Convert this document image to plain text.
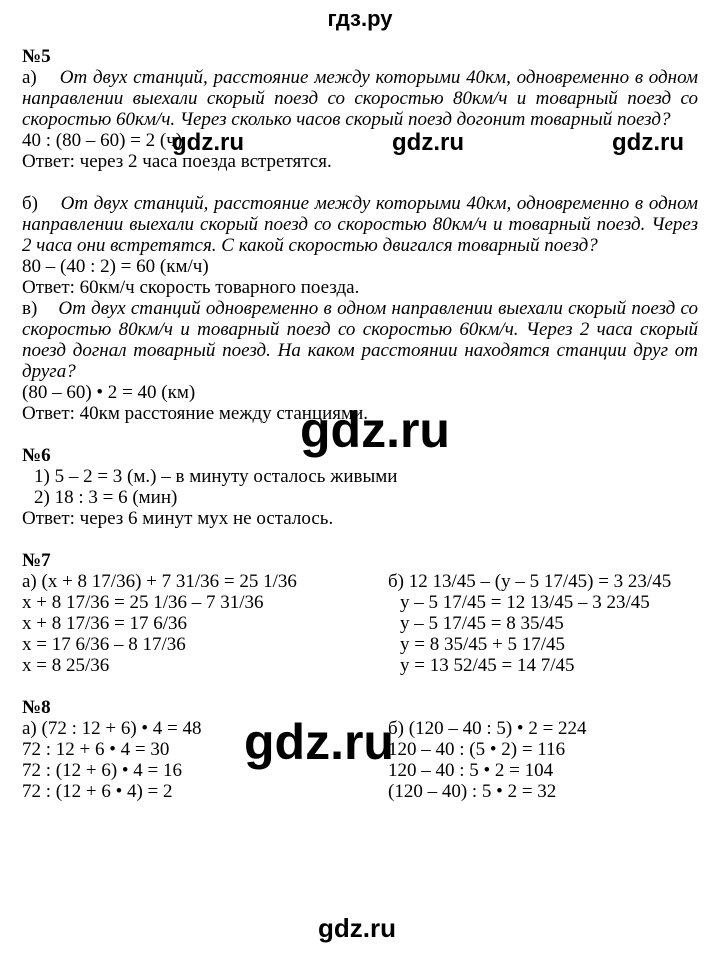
гдз.ру

№5

а) От двух станций, расстояние между которыми 40км, одновременно в одном направлении выехали скорый поезд со скоростью 80км/ч и товарный поезд со скоростью 60км/ч. Через сколько часов скорый поезд догонит товарный поезд?

40 : (80 – 60) = 2 (ч)

Ответ: через 2 часа поезда встретятся.

б) От двух станций, расстояние между которыми 40км, одновременно в одном направлении выехали скорый поезд со скоростью 80км/ч и товарный поезд. Через 2 часа они встретятся. С какой скоростью двигался товарный поезд?

80 – (40 : 2) = 60 (км/ч)

Ответ: 60км/ч скорость товарного поезда.

в) От двух станций одновременно в одном направлении выехали скорый поезд со скоростью 80км/ч и товарный поезд со скоростью 60км/ч. Через 2 часа скорый поезд догнал товарный поезд. На каком расстоянии находятся станции друг от друга?

(80 – 60) • 2 = 40 (км)

Ответ: 40км расстояние между станциями.

№6

1) 5 – 2 = 3 (м.) – в минуту осталось живыми

2) 18 : 3 = 6 (мин)

Ответ: через 6 минут мух не осталось.

№7

а) (x + 8 17/36) + 7 31/36 = 25 1/36

x + 8 17/36 = 25 1/36 – 7 31/36

x + 8 17/36 = 17 6/36

x = 17 6/36 – 8 17/36

x = 8 25/36

б) 12 13/45 – (y – 5 17/45) = 3 23/45

y – 5 17/45 = 12 13/45 – 3 23/45

y – 5 17/45 = 8 35/45

y = 8 35/45 + 5 17/45

y = 13 52/45 = 14 7/45

№8

а) (72 : 12 + 6) • 4 = 48

72 : 12 + 6 • 4 = 30

72 : (12 + 6) • 4 = 16

72 : (12 + 6 • 4) = 2

б) (120 – 40 : 5) • 2 = 224

120 – 40 : (5 • 2) = 116

120 – 40 : 5 • 2 = 104

(120 – 40) : 5 • 2 = 32

gdz.ru	gdz.ru	gdz.ru
gdz.ru
gdz.ru
gdz.ru
